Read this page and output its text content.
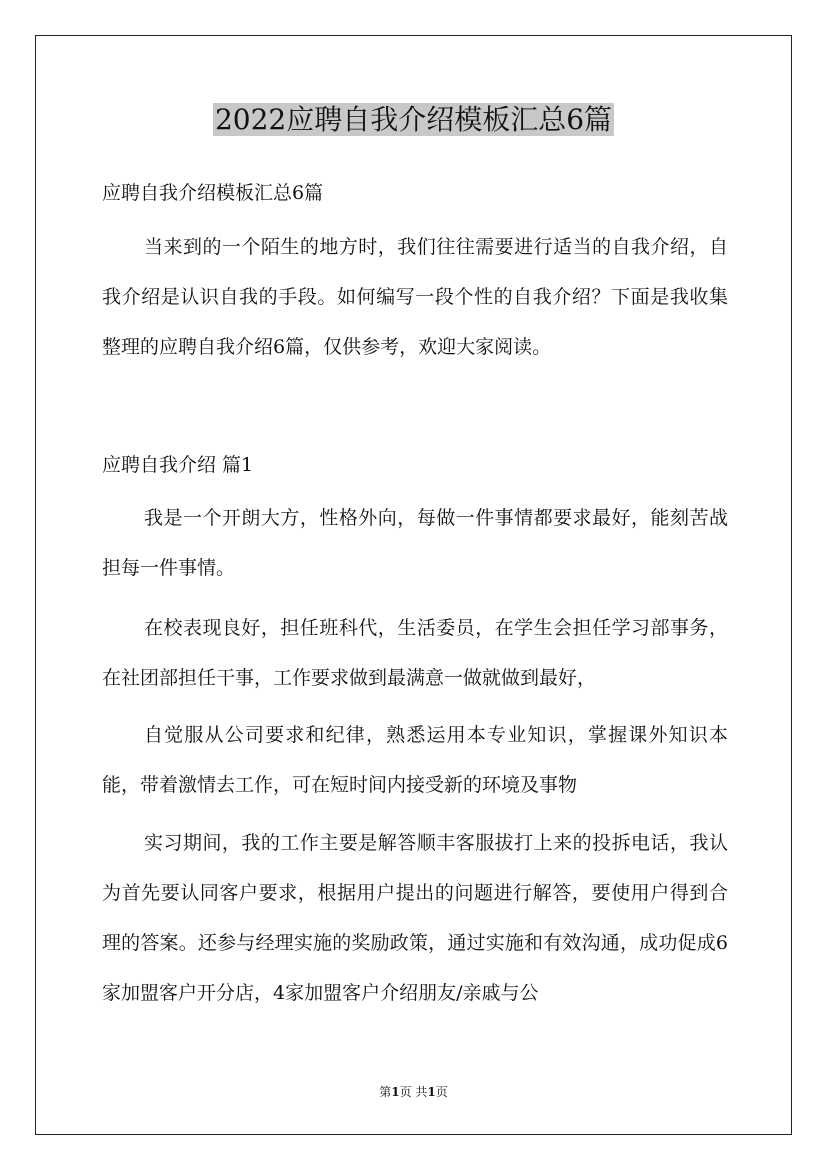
2022应聘自我介绍模板汇总6篇

应聘自我介绍模板汇总6篇

当来到的一个陌生的地方时，我们往往需要进行适当的自我介绍，自我介绍是认识自我的手段。如何编写一段个性的自我介绍？下面是我收集整理的应聘自我介绍6篇，仅供参考，欢迎大家阅读。

应聘自我介绍 篇1

我是一个开朗大方，性格外向，每做一件事情都要求最好，能刻苦战担每一件事情。

在校表现良好，担任班科代，生活委员，在学生会担任学习部事务，在社团部担任干事，工作要求做到最满意一做就做到最好，

自觉服从公司要求和纪律，熟悉运用本专业知识，掌握课外知识本能，带着激情去工作，可在短时间内接受新的环境及事物

实习期间，我的工作主要是解答顺丰客服拔打上来的投拆电话，我认为首先要认同客户要求，根据用户提出的问题进行解答，要使用户得到合理的答案。还参与经理实施的奖励政策，通过实施和有效沟通，成功促成6家加盟客户开分店，4家加盟客户介绍朋友/亲戚与公

第1页 共1页
